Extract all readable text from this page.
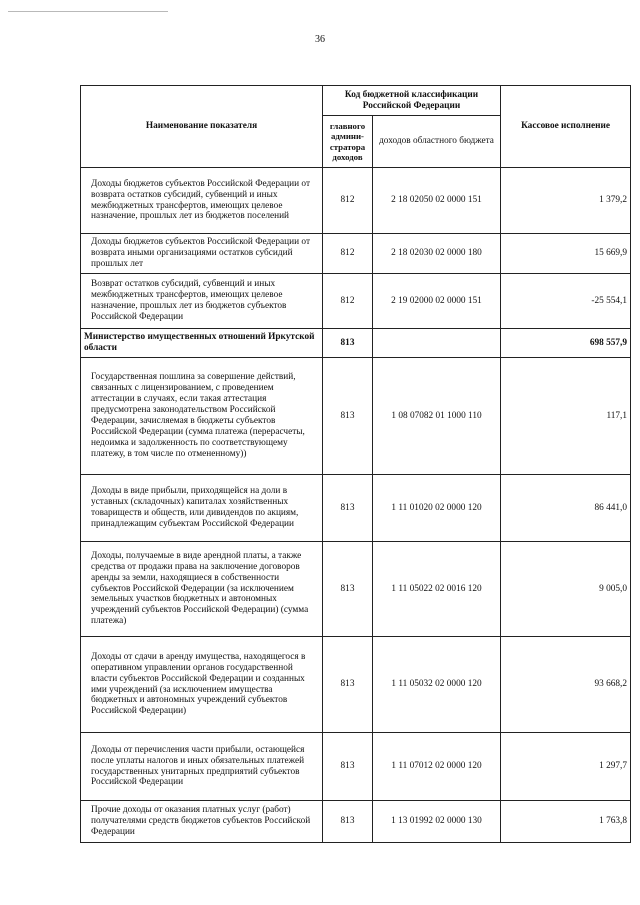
36
Наименование показателя	Код бюджетной классификации Российской Федерации		Кассовое исполнение
	главного админи-стратора доходов	доходов областного бюджета	
Доходы бюджетов субъектов Российской Федерации от возврата остатков субсидий, субвенций и иных межбюджетных трансфертов, имеющих целевое назначение, прошлых лет из бюджетов поселений	812	2 18 02050 02 0000 151	1 379,2
Доходы бюджетов субъектов Российской Федерации от возврата иными организациями остатков субсидий прошлых лет	812	2 18 02030 02 0000 180	15 669,9
Возврат остатков субсидий, субвенций и иных межбюджетных трансфертов, имеющих целевое назначение, прошлых лет из бюджетов субъектов Российской Федерации	812	2 19 02000 02 0000 151	-25 554,1
Министерство имущественных отношений Иркутской области	813		698 557,9
Государственная пошлина за совершение действий, связанных с лицензированием, с проведением аттестации в случаях, если такая аттестация предусмотрена законодательством Российской Федерации, зачисляемая в бюджеты субъектов Российской Федерации (сумма платежа (перерасчеты, недоимка и задолженность по соответствующему платежу, в том числе по отмененному))	813	1 08 07082 01 1000 110	117,1
Доходы в виде прибыли, приходящейся на доли в уставных (складочных) капиталах хозяйственных товариществ и обществ, или дивидендов по акциям, принадлежащим субъектам Российской Федерации	813	1 11 01020 02 0000 120	86 441,0
Доходы, получаемые в виде арендной платы, а также средства от продажи права на заключение договоров аренды за земли, находящиеся в собственности субъектов Российской Федерации (за исключением земельных участков бюджетных и автономных учреждений субъектов Российской Федерации) (сумма платежа)	813	1 11 05022 02 0016 120	9 005,0
Доходы от сдачи в аренду имущества, находящегося в оперативном управлении органов государственной власти субъектов Российской Федерации и созданных ими учреждений (за исключением имущества бюджетных и автономных учреждений субъектов Российской Федерации)	813	1 11 05032 02 0000 120	93 668,2
Доходы от перечисления части прибыли, остающейся после уплаты налогов и иных обязательных платежей государственных унитарных предприятий субъектов Российской Федерации	813	1 11 07012 02 0000 120	1 297,7
Прочие доходы от оказания платных услуг (работ) получателями средств бюджетов субъектов Российской Федерации	813	1 13 01992 02 0000 130	1 763,8
